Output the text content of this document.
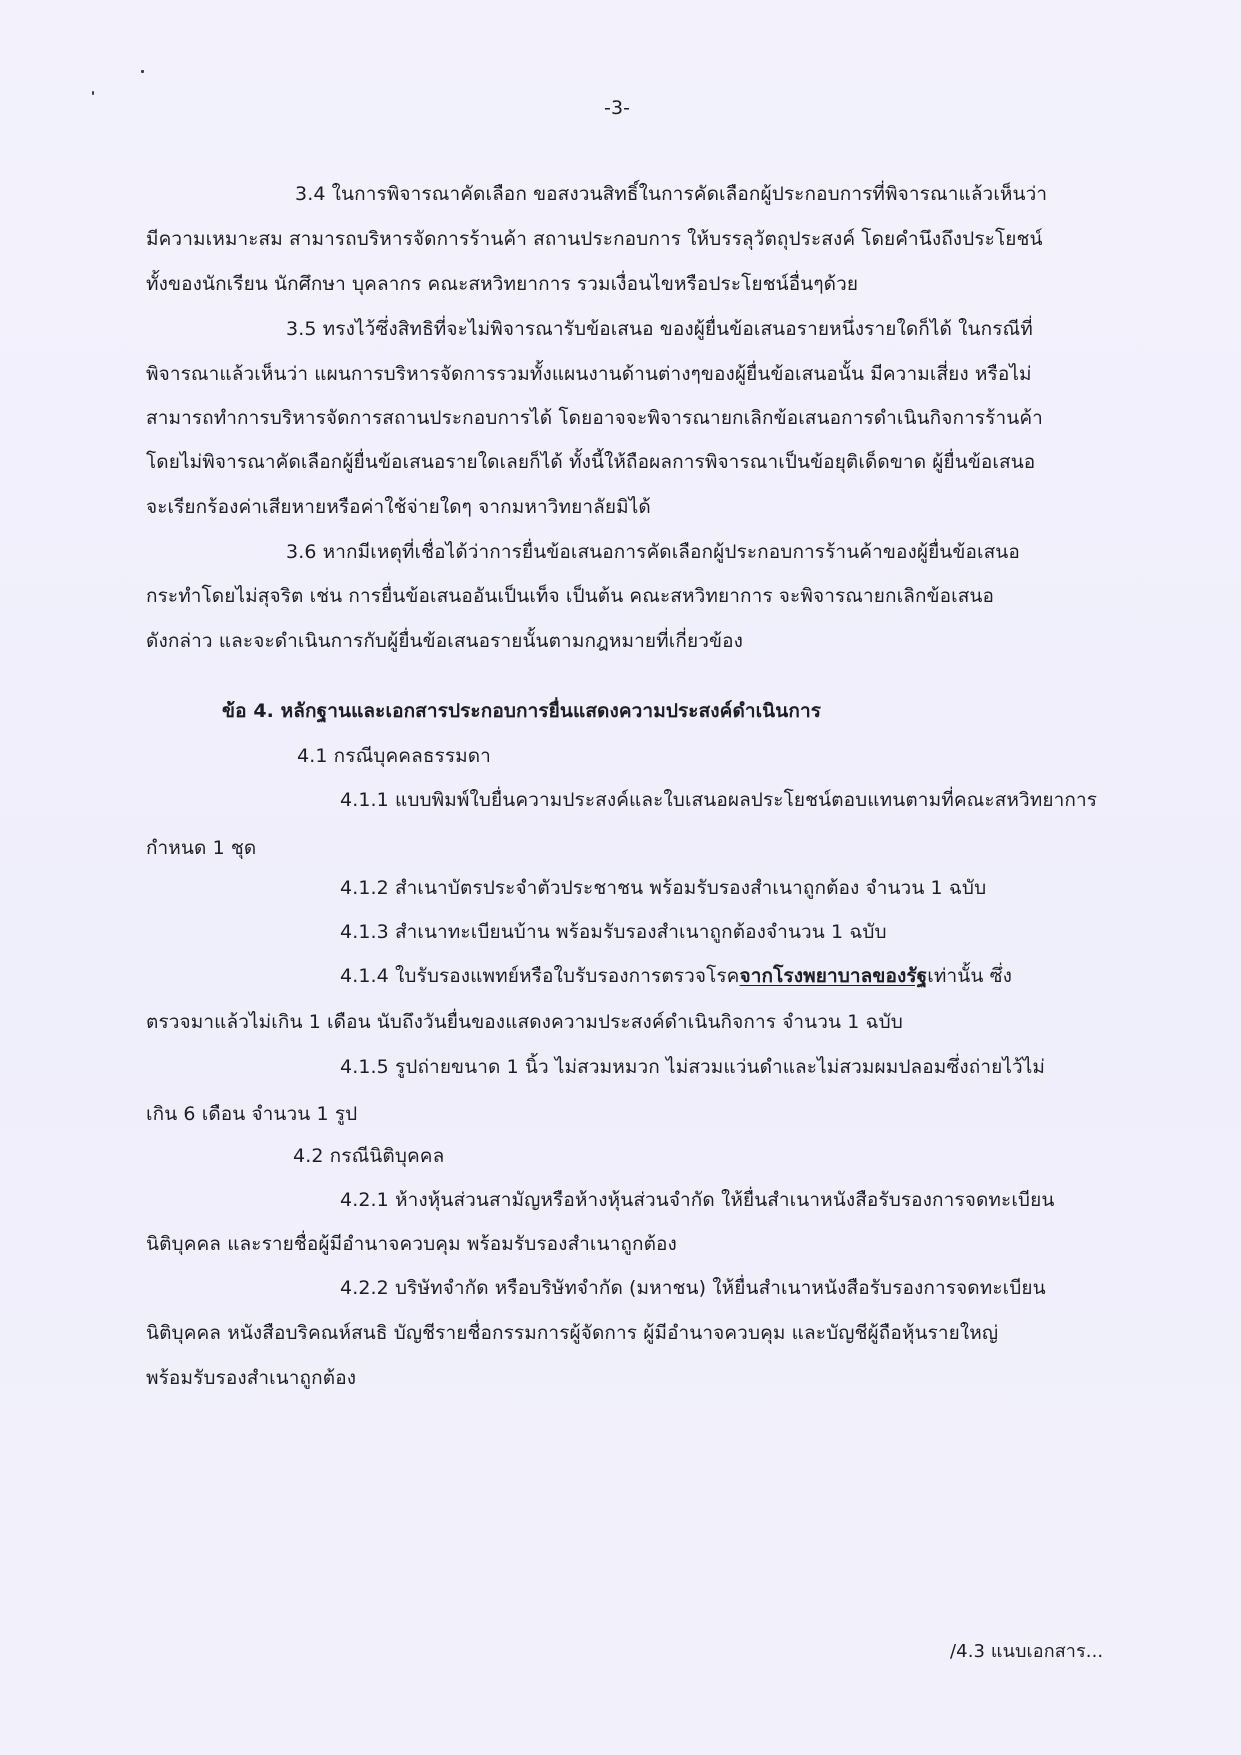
-3-
3.4 ในการพิจารณาคัดเลือก ขอสงวนสิทธิ์ในการคัดเลือกผู้ประกอบการที่พิจารณาแล้วเห็นว่า
มีความเหมาะสม สามารถบริหารจัดการร้านค้า สถานประกอบการ ให้บรรลุวัตถุประสงค์ โดยคำนึงถึงประโยชน์
ทั้งของนักเรียน นักศึกษา บุคลากร คณะสหวิทยาการ รวมเงื่อนไขหรือประโยชน์อื่นๆด้วย
3.5 ทรงไว้ซึ่งสิทธิที่จะไม่พิจารณารับข้อเสนอ ของผู้ยื่นข้อเสนอรายหนึ่งรายใดก็ได้ ในกรณีที่
พิจารณาแล้วเห็นว่า แผนการบริหารจัดการรวมทั้งแผนงานด้านต่างๆของผู้ยื่นข้อเสนอนั้น มีความเสี่ยง หรือไม่
สามารถทำการบริหารจัดการสถานประกอบการได้ โดยอาจจะพิจารณายกเลิกข้อเสนอการดำเนินกิจการร้านค้า
โดยไม่พิจารณาคัดเลือกผู้ยื่นข้อเสนอรายใดเลยก็ได้ ทั้งนี้ให้ถือผลการพิจารณาเป็นข้อยุติเด็ดขาด ผู้ยื่นข้อเสนอ
จะเรียกร้องค่าเสียหายหรือค่าใช้จ่ายใดๆ จากมหาวิทยาลัยมิได้
3.6 หากมีเหตุที่เชื่อได้ว่าการยื่นข้อเสนอการคัดเลือกผู้ประกอบการร้านค้าของผู้ยื่นข้อเสนอ
กระทำโดยไม่สุจริต เช่น การยื่นข้อเสนออันเป็นเท็จ เป็นต้น คณะสหวิทยาการ จะพิจารณายกเลิกข้อเสนอ
ดังกล่าว และจะดำเนินการกับผู้ยื่นข้อเสนอรายนั้นตามกฎหมายที่เกี่ยวข้อง
ข้อ 4. หลักฐานและเอกสารประกอบการยื่นแสดงความประสงค์ดำเนินการ
4.1 กรณีบุคคลธรรมดา
4.1.1 แบบพิมพ์ใบยื่นความประสงค์และใบเสนอผลประโยชน์ตอบแทนตามที่คณะสหวิทยาการ
กำหนด 1 ชุด
4.1.2 สำเนาบัตรประจำตัวประชาชน พร้อมรับรองสำเนาถูกต้อง จำนวน 1 ฉบับ
4.1.3 สำเนาทะเบียนบ้าน พร้อมรับรองสำเนาถูกต้องจำนวน 1 ฉบับ
4.1.4 ใบรับรองแพทย์หรือใบรับรองการตรวจโรคจากโรงพยาบาลของรัฐเท่านั้น ซึ่ง
ตรวจมาแล้วไม่เกิน 1 เดือน นับถึงวันยื่นของแสดงความประสงค์ดำเนินกิจการ จำนวน 1 ฉบับ
4.1.5 รูปถ่ายขนาด 1 นิ้ว ไม่สวมหมวก ไม่สวมแว่นดำและไม่สวมผมปลอมซึ่งถ่ายไว้ไม่
เกิน 6 เดือน จำนวน 1 รูป
4.2 กรณีนิติบุคคล
4.2.1 ห้างหุ้นส่วนสามัญหรือห้างหุ้นส่วนจำกัด ให้ยื่นสำเนาหนังสือรับรองการจดทะเบียน
นิติบุคคล และรายชื่อผู้มีอำนาจควบคุม พร้อมรับรองสำเนาถูกต้อง
4.2.2 บริษัทจำกัด หรือบริษัทจำกัด (มหาชน) ให้ยื่นสำเนาหนังสือรับรองการจดทะเบียน
นิติบุคคล หนังสือบริคณห์สนธิ บัญชีรายชื่อกรรมการผู้จัดการ ผู้มีอำนาจควบคุม และบัญชีผู้ถือหุ้นรายใหญ่
พร้อมรับรองสำเนาถูกต้อง
/4.3 แนบเอกสาร...
